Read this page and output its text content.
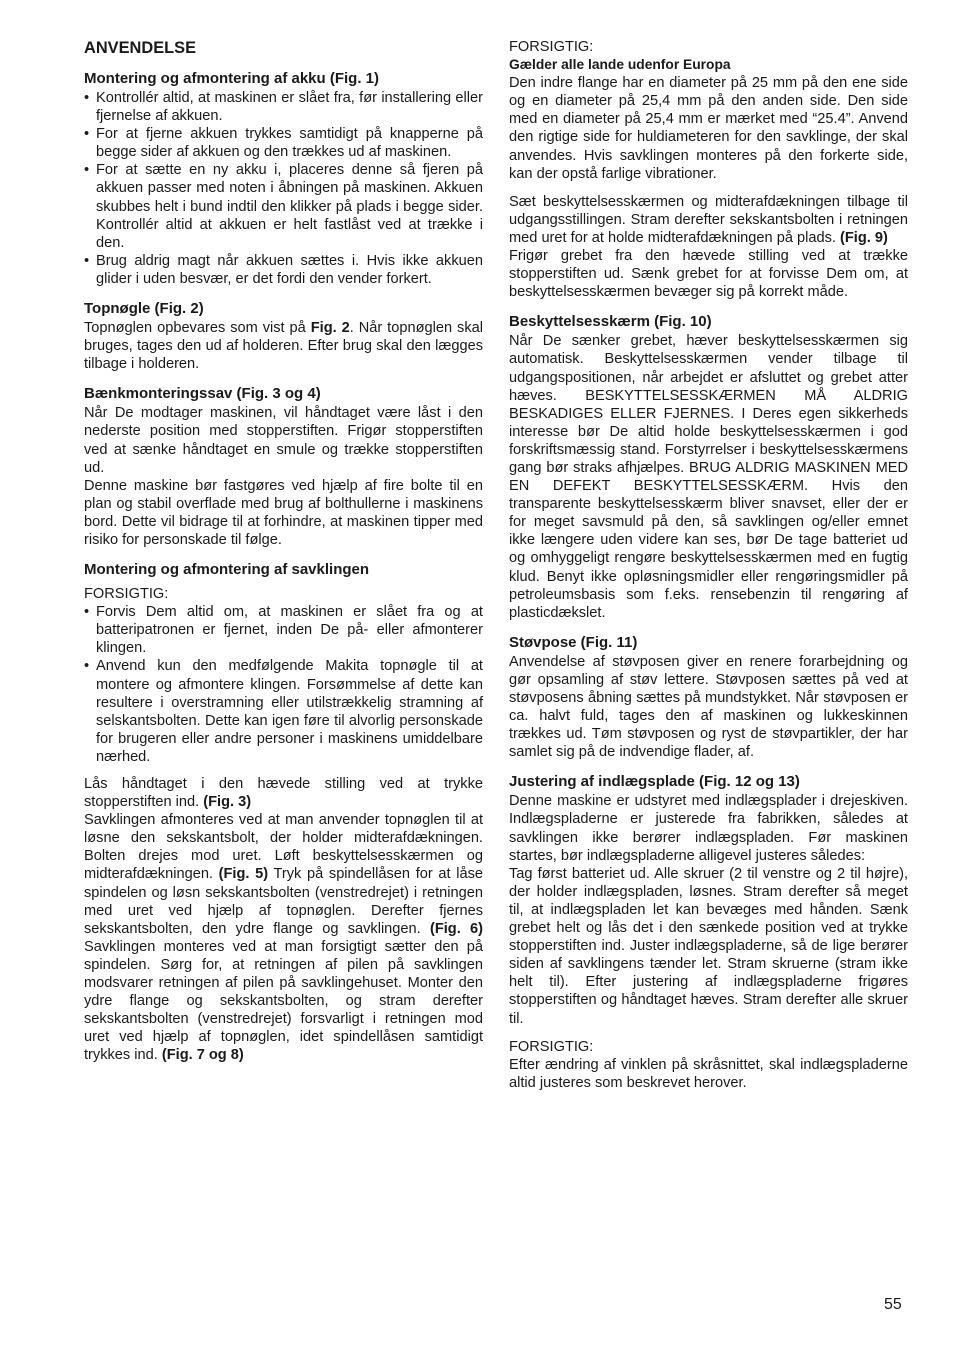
ANVENDELSE
Montering og afmontering af akku (Fig. 1)
• Kontrollér altid, at maskinen er slået fra, før installering eller fjernelse af akkuen.
• For at fjerne akkuen trykkes samtidigt på knapperne på begge sider af akkuen og den trækkes ud af maskinen.
• For at sætte en ny akku i, placeres denne så fjeren på akkuen passer med noten i åbningen på maskinen. Akkuen skubbes helt i bund indtil den klikker på plads i begge sider. Kontrollér altid at akkuen er helt fastlåst ved at trække i den.
• Brug aldrig magt når akkuen sættes i. Hvis ikke akkuen glider i uden besvær, er det fordi den vender forkert.
Topnøgle (Fig. 2)

Topnøglen opbevares som vist på Fig. 2. Når topnøglen skal bruges, tages den ud af holderen. Efter brug skal den lægges tilbage i holderen.

Bænkmonteringssav (Fig. 3 og 4)

Når De modtager maskinen, vil håndtaget være låst i den nederste position med stopperstiften. Frigør stopperstiften ved at sænke håndtaget en smule og trække stopperstiften ud.

Denne maskine bør fastgøres ved hjælp af fire bolte til en plan og stabil overflade med brug af bolthullerne i maskinens bord. Dette vil bidrage til at forhindre, at maskinen tipper med risiko for personskade til følge.

Montering og afmontering af savklingen

FORSIGTIG:

• Forvis Dem altid om, at maskinen er slået fra og at batteripatronen er fjernet, inden De på- eller afmonterer klingen.
• Anvend kun den medfølgende Makita topnøgle til at montere og afmontere klingen. Forsømmelse af dette kan resultere i overstramning eller utilstrækkelig stramning af selskantsbolten. Dette kan igen føre til alvorlig personskade for brugeren eller andre personer i maskinens umiddelbare nærhed.

Lås håndtaget i den hævede stilling ved at trykke stopperstiften ind. (Fig. 3)
Savklingen afmonteres ved at man anvender topnøglen til at løsne den sekskantsbolt, der holder midterafdækningen. Bolten drejes mod uret. Løft beskyttelsesskærmen og midterafdækningen. (Fig. 5) Tryk på spindellåsen for at låse spindelen og løsn sekskantsbolten (venstredrejet) i retningen med uret ved hjælp af topnøglen. Derefter fjernes sekskantsbolten, den ydre flange og savklingen. (Fig. 6) Savklingen monteres ved at man forsigtigt sætter den på spindelen. Sørg for, at retningen af pilen på savklingen modsvarer retningen af pilen på savklingehuset. Monter den ydre flange og sekskantsbolten, og stram derefter sekskantsbolten (venstredrejet) forsvarligt i retningen mod uret ved hjælp af topnøglen, idet spindellåsen samtidigt trykkes ind. (Fig. 7 og 8)

FORSIGTIG:

Gælder alle lande udenfor Europa

Den indre flange har en diameter på 25 mm på den ene side og en diameter på 25,4 mm på den anden side. Den side med en diameter på 25,4 mm er mærket med “25.4”. Anvend den rigtige side for huldiameteren for den savklinge, der skal anvendes. Hvis savklingen monteres på den forkerte side, kan der opstå farlige vibrationer.

Sæt beskyttelsesskærmen og midterafdækningen tilbage til udgangsstillingen. Stram derefter sekskantsbolten i retningen med uret for at holde midterafdækningen på plads. (Fig. 9)
Frigør grebet fra den hævede stilling ved at trække stopperstiften ud. Sænk grebet for at forvisse Dem om, at beskyttelsesskærmen bevæger sig på korrekt måde.

Beskyttelsesskærm (Fig. 10)

Når De sænker grebet, hæver beskyttelsesskærmen sig automatisk. Beskyttelsesskærmen vender tilbage til udgangspositionen, når arbejdet er afsluttet og grebet atter hæves. BESKYTTELSESSKÆRMEN MÅ ALDRIG BESKADIGES ELLER FJERNES. I Deres egen sikkerheds interesse bør De altid holde beskyttelsesskærmen i god forskriftsmæssig stand. Forstyrrelser i beskyttelsesskærmens gang bør straks afhjælpes. BRUG ALDRIG MASKINEN MED EN DEFEKT BESKYTTELSESSKÆRM. Hvis den transparente beskyttelsesskærm bliver snavset, eller der er for meget savsmuld på den, så savklingen og/eller emnet ikke længere uden videre kan ses, bør De tage batteriet ud og omhyggeligt rengøre beskyttelsesskærmen med en fugtig klud. Benyt ikke opløsningsmidler eller rengøringsmidler på petroleumsbasis som f.eks. rensebenzin til rengøring af plasticdækslet.

Støvpose (Fig. 11)

Anvendelse af støvposen giver en renere forarbejdning og gør opsamling af støv lettere. Støvposen sættes på ved at støvposens åbning sættes på mundstykket. Når støvposen er ca. halvt fuld, tages den af maskinen og lukkeskinnen trækkes ud. Tøm støvposen og ryst de støvpartikler, der har samlet sig på de indvendige flader, af.

Justering af indlægsplade (Fig. 12 og 13)

Denne maskine er udstyret med indlægsplader i drejeskiven. Indlægspladerne er justerede fra fabrikken, således at savklingen ikke berører indlægspladen. Før maskinen startes, bør indlægspladerne alligevel justeres således:

Tag først batteriet ud. Alle skruer (2 til venstre og 2 til højre), der holder indlægspladen, løsnes. Stram derefter så meget til, at indlægspladen let kan bevæges med hånden. Sænk grebet helt og lås det i den sænkede position ved at trykke stopperstiften ind. Juster indlægspladerne, så de lige berører siden af savklingens tænder let. Stram skruerne (stram ikke helt til). Efter justering af indlægspladerne frigøres stopperstiften og håndtaget hæves. Stram derefter alle skruer til.

FORSIGTIG:

Efter ændring af vinklen på skråsnittet, skal indlægspladerne altid justeres som beskrevet herover.

55
